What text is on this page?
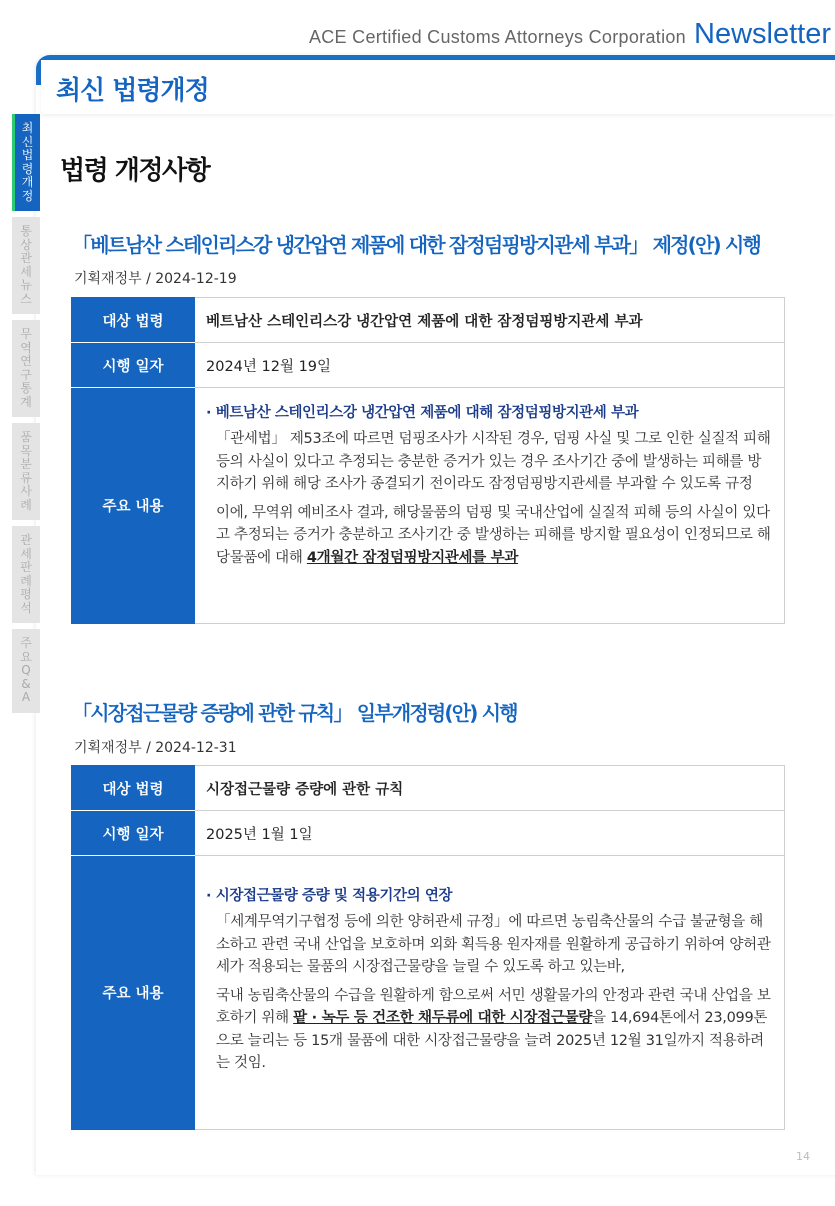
ACE Certified Customs Attorneys Corporation Newsletter
최신 법령개정
최
신
법
령
개
정
통
상
관
세
뉴
스
무
역
연
구
통
계
품
목
분
류
사
례
관
세
판
례
평
석
주
요
Q
&
A
법령 개정사항
「베트남산 스테인리스강 냉간압연 제품에 대한 잠정덤핑방지관세 부과」 제정(안) 시행
기획재정부 / 2024-12-19
대상 법령	베트남산 스테인리스강 냉간압연 제품에 대한 잠정덤핑방지관세 부과
시행 일자	2024년 12월 19일
주요 내용	· 베트남산 스테인리스강 냉간압연 제품에 대해 잠정덤핑방지관세 부과
「관세법」 제53조에 따르면 덤핑조사가 시작된 경우, 덤핑 사실 및 그로 인한 실질적 피해 등의 사실이 있다고 추정되는 충분한 증거가 있는 경우 조사기간 중에 발생하는 피해를 방지하기 위해 해당 조사가 종결되기 전이라도 잠정덤핑방지관세를 부과할 수 있도록 규정
이에, 무역위 예비조사 결과, 해당물품의 덤핑 및 국내산업에 실질적 피해 등의 사실이 있다고 추정되는 증거가 충분하고 조사기간 중 발생하는 피해를 방지할 필요성이 인정되므로 해당물품에 대해 4개월간 잠정덤핑방지관세를 부과
「시장접근물량 증량에 관한 규칙」 일부개정령(안) 시행
기획재정부 / 2024-12-31
대상 법령	시장접근물량 증량에 관한 규칙
시행 일자	2025년 1월 1일
주요 내용	· 시장접근물량 증량 및 적용기간의 연장
「세계무역기구협정 등에 의한 양허관세 규정」에 따르면 농림축산물의 수급 불균형을 해소하고 관련 국내 산업을 보호하며 외화 획득용 원자재를 원활하게 공급하기 위하여 양허관세가 적용되는 물품의 시장접근물량을 늘릴 수 있도록 하고 있는바,
국내 농림축산물의 수급을 원활하게 함으로써 서민 생활물가의 안정과 관련 국내 산업을 보호하기 위해 팥 · 녹두 등 건조한 채두류에 대한 시장접근물량을 14,694톤에서 23,099톤으로 늘리는 등 15개 물품에 대한 시장접근물량을 늘려 2025년 12월 31일까지 적용하려는 것임.
14
